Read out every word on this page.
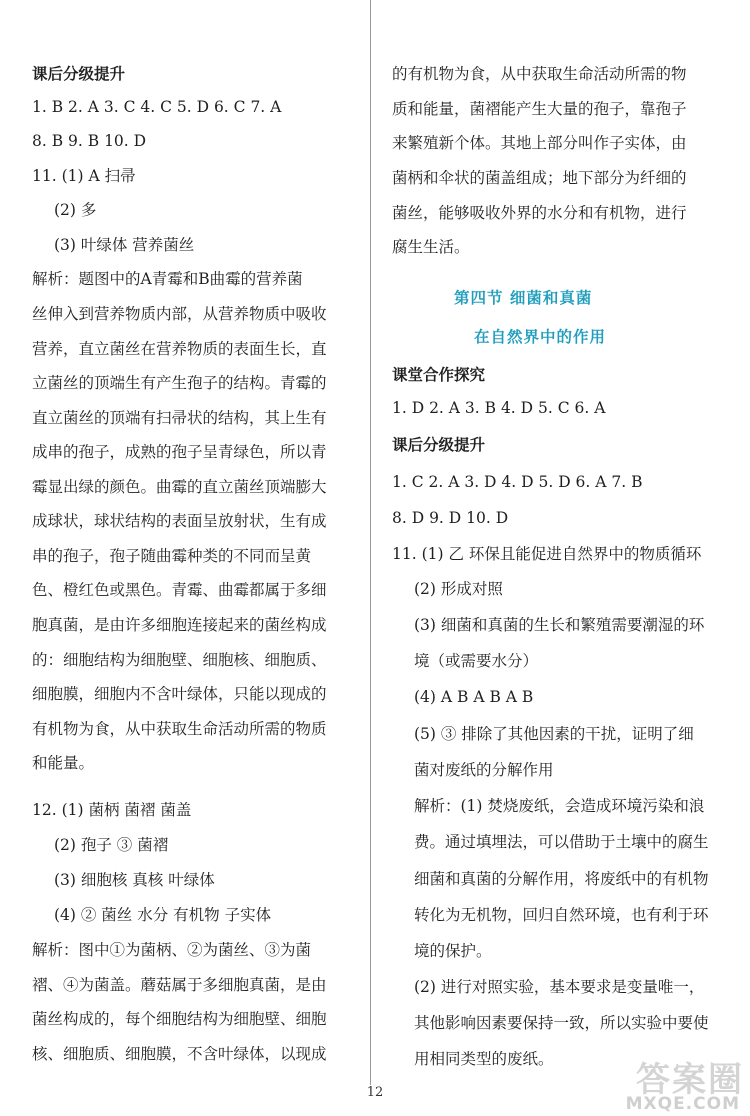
课后分级提升
1. B 2. A 3. C 4. C 5. D 6. C 7. A
8. B 9. B 10. D
11. (1) A 扫帚
(2) 多
(3) 叶绿体 营养菌丝
解析：题图中的A青霉和B曲霉的营养菌
丝伸入到营养物质内部，从营养物质中吸收
营养，直立菌丝在营养物质的表面生长，直
立菌丝的顶端生有产生孢子的结构。青霉的
直立菌丝的顶端有扫帚状的结构，其上生有
成串的孢子，成熟的孢子呈青绿色，所以青
霉显出绿的颜色。曲霉的直立菌丝顶端膨大
成球状，球状结构的表面呈放射状，生有成
串的孢子，孢子随曲霉种类的不同而呈黄
色、橙红色或黑色。青霉、曲霉都属于多细
胞真菌，是由许多细胞连接起来的菌丝构成
的：细胞结构为细胞壁、细胞核、细胞质、
细胞膜，细胞内不含叶绿体，只能以现成的
有机物为食，从中获取生命活动所需的物质
和能量。
12. (1) 菌柄 菌褶 菌盖
(2) 孢子 ③ 菌褶
(3) 细胞核 真核 叶绿体
(4) ② 菌丝 水分 有机物 子实体
解析：图中①为菌柄、②为菌丝、③为菌
褶、④为菌盖。蘑菇属于多细胞真菌，是由
菌丝构成的，每个细胞结构为细胞壁、细胞
核、细胞质、细胞膜，不含叶绿体，以现成
的有机物为食，从中获取生命活动所需的物
质和能量，菌褶能产生大量的孢子，靠孢子
来繁殖新个体。其地上部分叫作子实体，由
菌柄和伞状的菌盖组成；地下部分为纤细的
菌丝，能够吸收外界的水分和有机物，进行
腐生生活。
第四节 细菌和真菌
在自然界中的作用
课堂合作探究
1. D 2. A 3. B 4. D 5. C 6. A
课后分级提升
1. C 2. A 3. D 4. D 5. D 6. A 7. B
8. D 9. D 10. D
11. (1) 乙 环保且能促进自然界中的物质循环
(2) 形成对照
(3) 细菌和真菌的生长和繁殖需要潮湿的环
境（或需要水分）
(4) A B A B A B
(5) ③ 排除了其他因素的干扰，证明了细
菌对废纸的分解作用
解析：(1) 焚烧废纸，会造成环境污染和浪
费。通过填埋法，可以借助于土壤中的腐生
细菌和真菌的分解作用，将废纸中的有机物
转化为无机物，回归自然环境，也有利于环
境的保护。
(2) 进行对照实验，基本要求是变量唯一，
其他影响因素要保持一致，所以实验中要使
用相同类型的废纸。
12	答案圈
MXQE.COM
